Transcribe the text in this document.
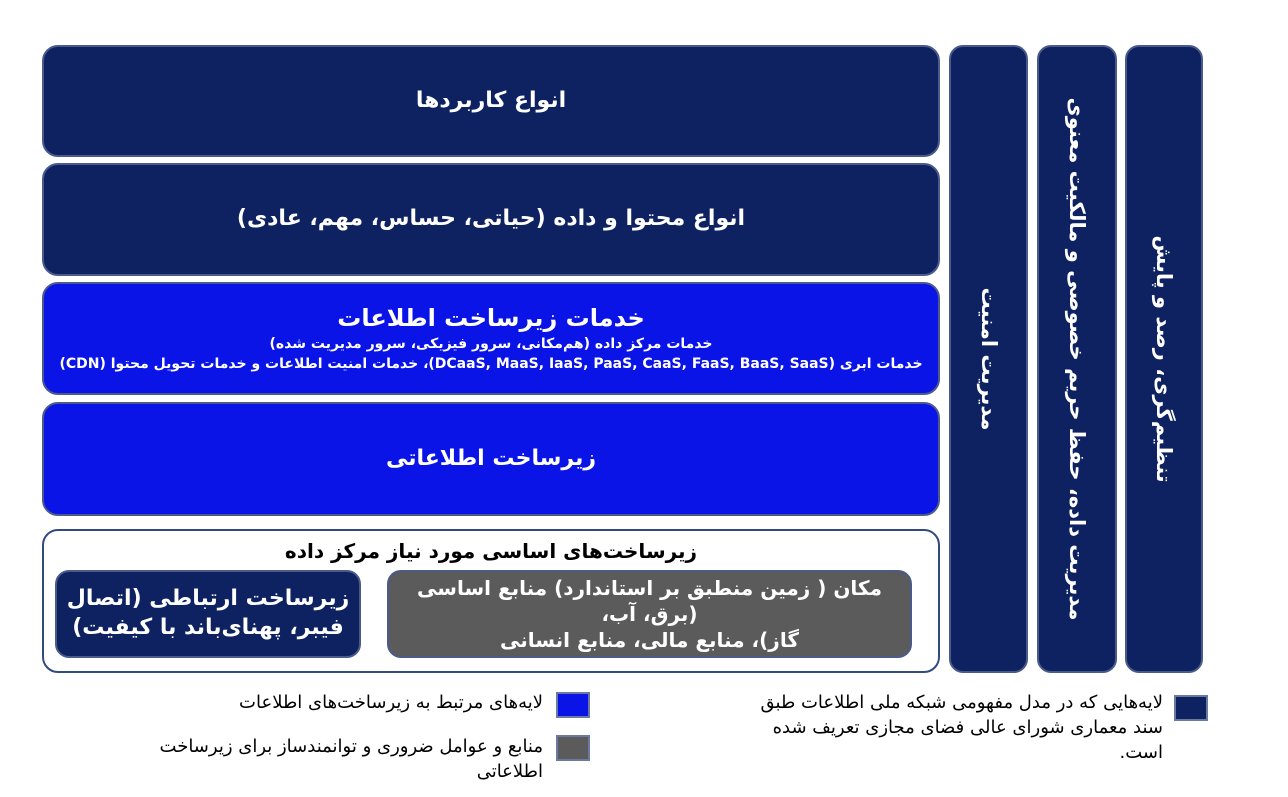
انواع کاربردها
انواع محتوا و داده (حیاتی، حساس، مهم، عادی)
خدمات زیرساخت اطلاعات
خدمات مرکز داده (هم‌مکانی، سرور فیزیکی، سرور مدیریت شده)
خدمات ابری (DCaaS, MaaS, IaaS, PaaS, CaaS, FaaS, BaaS, SaaS)، خدمات امنیت اطلاعات و خدمات تحویل محتوا (CDN)
زیرساخت اطلاعاتی
زیرساخت‌های اساسی مورد نیاز مرکز داده
مکان ( زمین منطبق بر استاندارد) منابع اساسی (برق، آب،
گاز)، منابع مالی، منابع انسانی
زیرساخت ارتباطی (اتصال
فیبر، پهنای‌باند با کیفیت)
مدیریت امنیت	مدیریت داده، حفظ حریم خصوصی و مالکیت معنوی	تنظیم‌گری، رصد و پایش
لایه‌هایی که در مدل مفهومی شبکه ملی اطلاعات طبق سند معماری شورای عالی فضای مجازی تعریف شده است.
لایه‌های مرتبط به زیرساخت‌های اطلاعات
منابع و عوامل ضروری و توانمندساز برای زیرساخت اطلاعاتی
